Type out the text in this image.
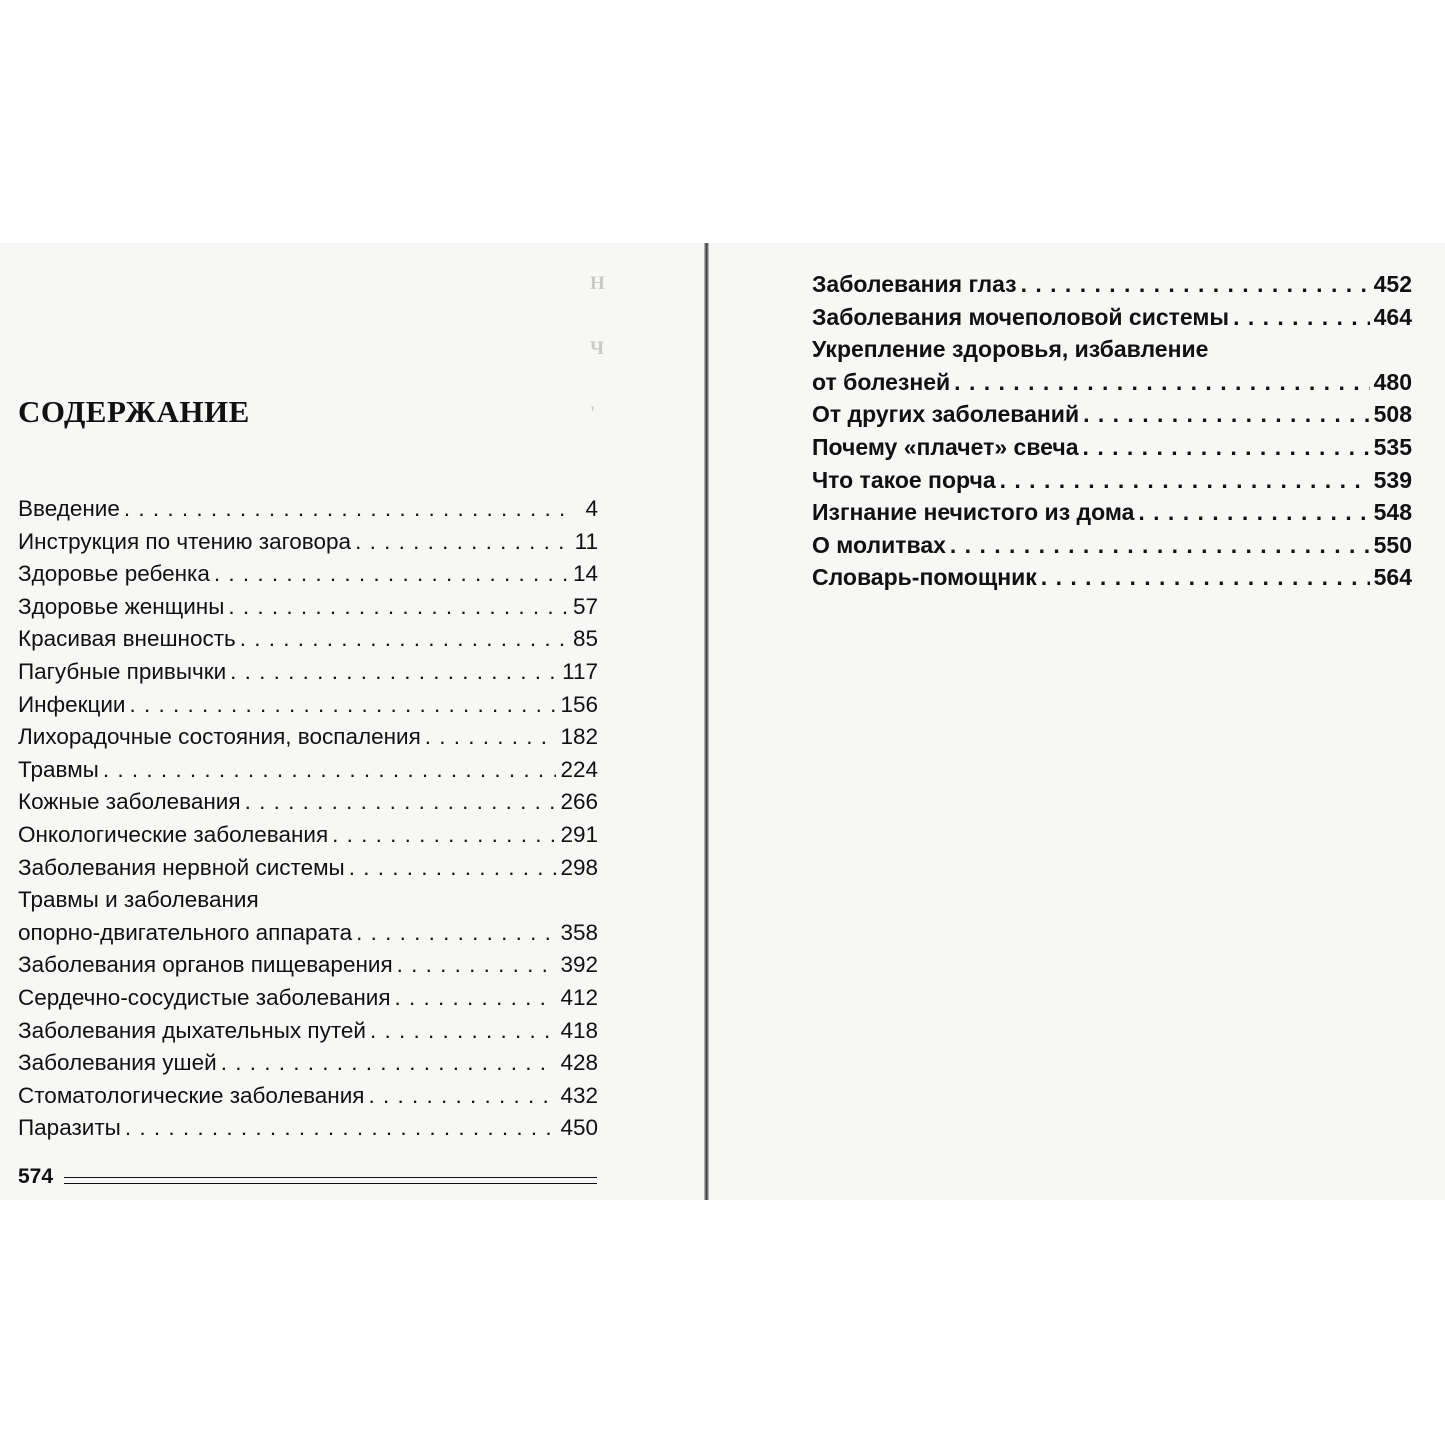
Н
Ч
'
СОДЕРЖАНИЕ
Введение . . .	4
Инструкция по чтению заговора . . .	11
Здоровье ребенка . . .	14
Здоровье женщины . . .	57
Красивая внешность . . .	85
Пагубные привычки . . .	117
Инфекции . . .	156
Лихорадочные состояния, воспаления . . .	182
Травмы . . .	224
Кожные заболевания . . .	266
Онкологические заболевания . . .	291
Заболевания нервной системы . . .	298
Травмы и заболевания
опорно-двигательного аппарата . . .	358
Заболевания органов пищеварения . . .	392
Сердечно-сосудистые заболевания . . .	412
Заболевания дыхательных путей . . .	418
Заболевания ушей . . .	428
Стоматологические заболевания . . .	432
Паразиты . . .	450
574
Заболевания глаз . . .	452
Заболевания мочеполовой системы . . .	464
Укрепление здоровья, избавление
от болезней . . .	480
От других заболеваний . . .	508
Почему «плачет» свеча . . .	535
Что такое порча . . .	539
Изгнание нечистого из дома . . .	548
О молитвах . . .	550
Словарь-помощник . . .	564
